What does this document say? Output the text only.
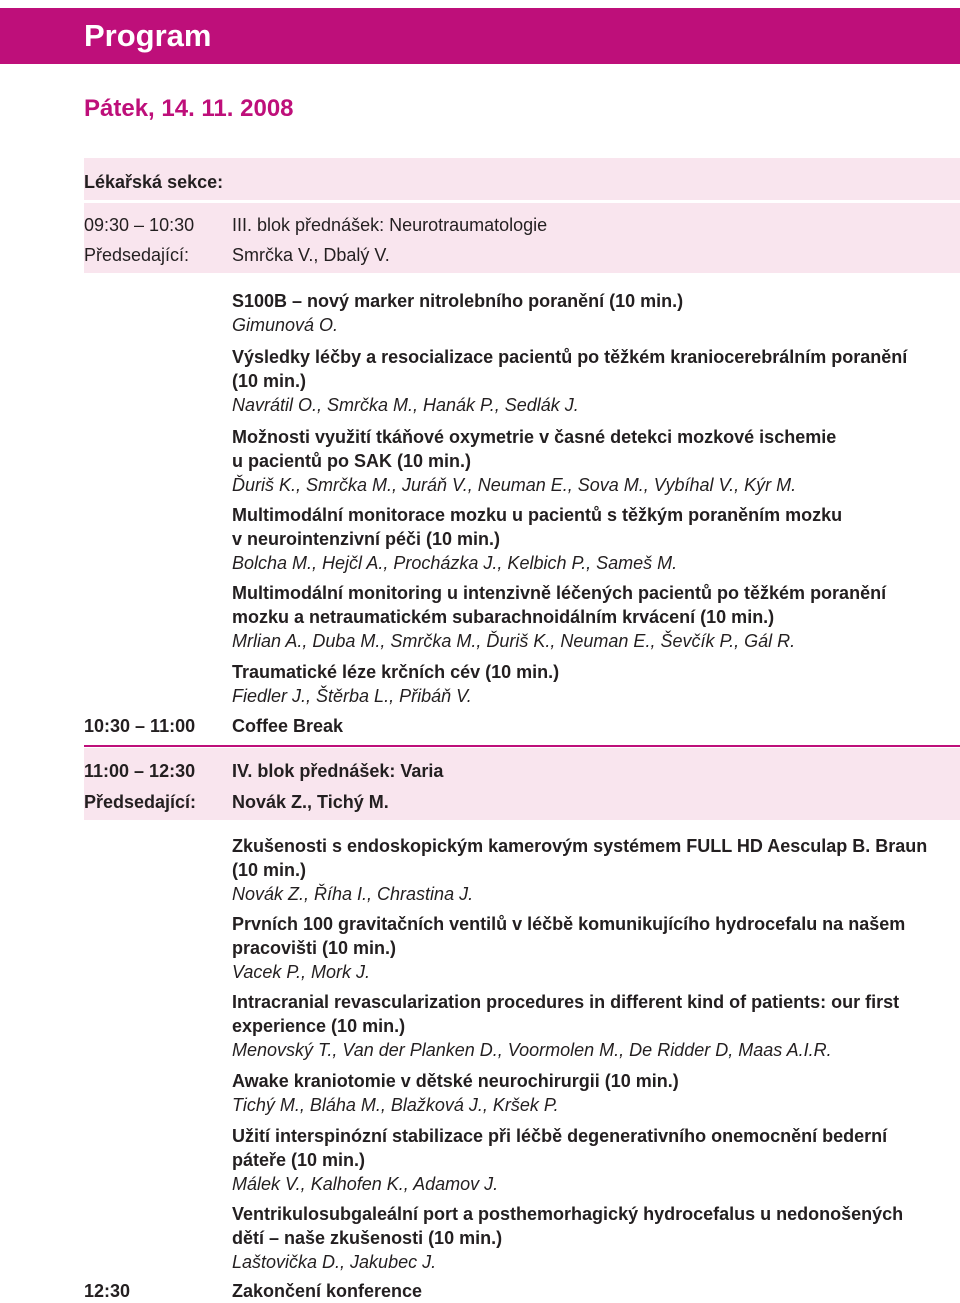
Program
Pátek, 14. 11. 2008
Lékařská sekce:
09:30 – 10:30 III. blok přednášek: Neurotraumatologie
Předsedající: Smrčka V., Dbalý V.
S100B – nový marker nitrolebního poranění (10 min.)
Gimunová O.
Výsledky léčby a resocializace pacientů po těžkém kraniocerebrálním poranění
(10 min.)
Navrátil O., Smrčka M., Hanák P., Sedlák J.
Možnosti využití tkáňové oxymetrie v časné detekci mozkové ischemie
u pacientů po SAK (10 min.)
Ďuriš K., Smrčka M., Juráň V., Neuman E., Sova M., Vybíhal V., Kýr M.
Multimodální monitorace mozku u pacientů s těžkým poraněním mozku
v neurointenzivní péči (10 min.)
Bolcha M., Hejčl A., Procházka J., Kelbich P., Sameš M.
Multimodální monitoring u intenzivně léčených pacientů po těžkém poranění
mozku a netraumatickém subarachnoidálním krvácení (10 min.)
Mrlian A., Duba M., Smrčka M., Ďuriš K., Neuman E., Ševčík P., Gál R.
Traumatické léze krčních cév (10 min.)
Fiedler J., Štěrba L., Přibáň V.
10:30 – 11:00 Coffee Break
11:00 – 12:30 IV. blok přednášek: Varia
Předsedající: Novák Z., Tichý M.
Zkušenosti s endoskopickým kamerovým systémem FULL HD Aesculap B. Braun
(10 min.)
Novák Z., Říha I., Chrastina J.
Prvních 100 gravitačních ventilů v léčbě komunikujícího hydrocefalu na našem
pracovišti (10 min.)
Vacek P., Mork J.
Intracranial revascularization procedures in different kind of patients: our first
experience (10 min.)
Menovský T., Van der Planken D., Voormolen M., De Ridder D, Maas A.I.R.
Awake kraniotomie v dětské neurochirurgii (10 min.)
Tichý M., Bláha M., Blažková J., Kršek P.
Užití interspinózní stabilizace při léčbě degenerativního onemocnění bederní
páteře (10 min.)
Málek V., Kalhofen K., Adamov J.
Ventrikulosubgaleální port a posthemorhagický hydrocefalus u nedonošených
dětí – naše zkušenosti (10 min.)
Laštovička D., Jakubec J.
12:30	Zakončení konference
